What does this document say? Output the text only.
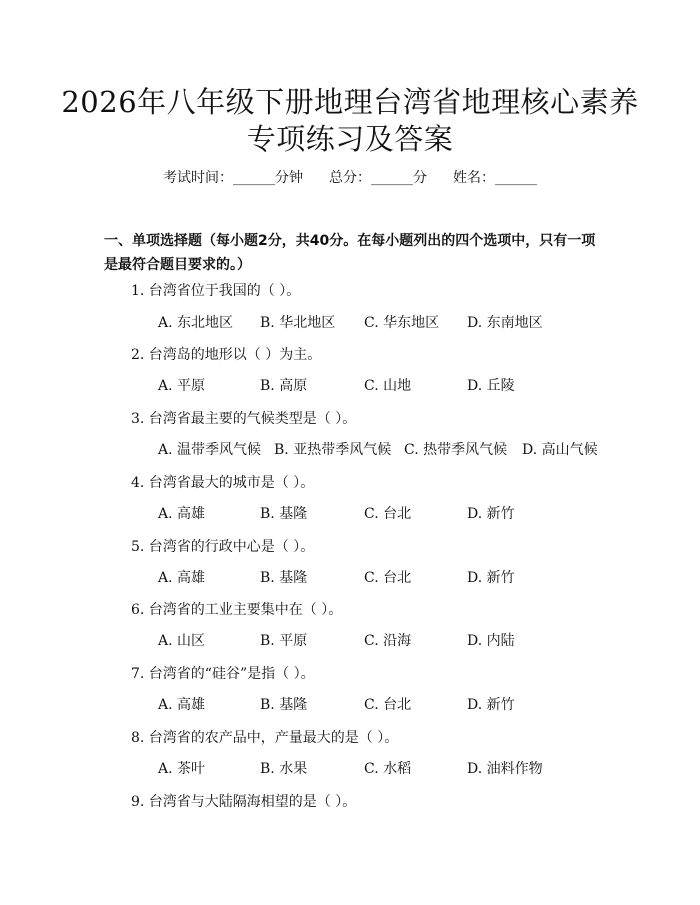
2026年八年级下册地理台湾省地理核心素养
专项练习及答案
考试时间：______分钟 总分：______分 姓名：______
一、单项选择题（每小题2分，共40分。在每小题列出的四个选项中，只有一项
是最符合题目要求的。）
1. 台湾省位于我国的（ ）。
A. 东北地区 B. 华北地区 C. 华东地区 D. 东南地区
2. 台湾岛的地形以（ ）为主。
A. 平原	B. 高原	C. 山地	D. 丘陵
3. 台湾省最主要的气候类型是（ ）。
A. 温带季风气候 B. 亚热带季风气候 C. 热带季风气候 D. 高山气候
4. 台湾省最大的城市是（ ）。
A. 高雄	B. 基隆	C. 台北	D. 新竹
5. 台湾省的行政中心是（ ）。
A. 高雄	B. 基隆	C. 台北	D. 新竹
6. 台湾省的工业主要集中在（ ）。
A. 山区	B. 平原	C. 沿海	D. 内陆
7. 台湾省的“硅谷”是指（ ）。
A. 高雄	B. 基隆	C. 台北	D. 新竹
8. 台湾省的农产品中，产量最大的是（ ）。
A. 茶叶	B. 水果	C. 水稻	D. 油料作物
9. 台湾省与大陆隔海相望的是（ ）。
